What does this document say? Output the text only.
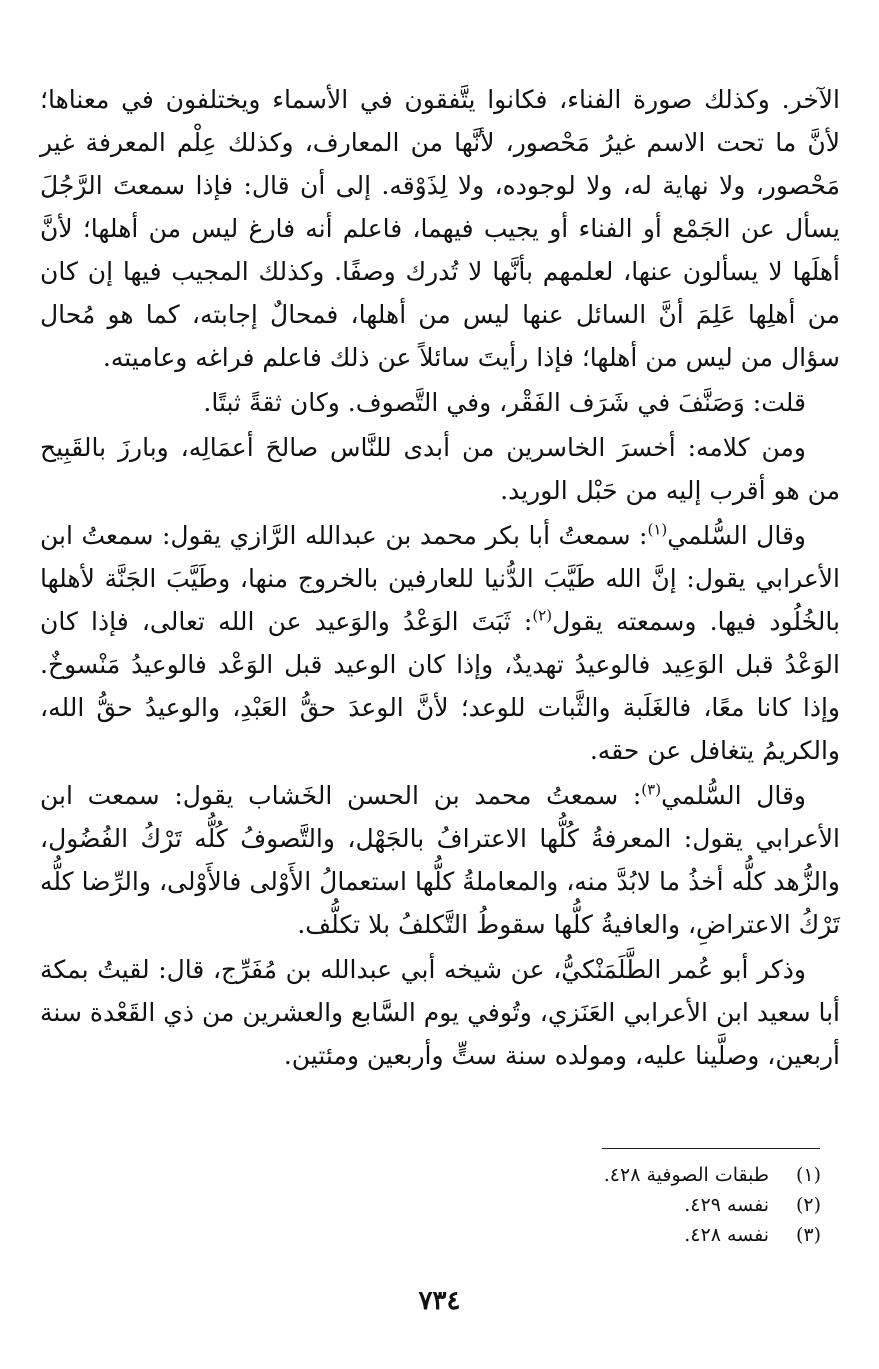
الآخر. وكذلك صورة الفناء، فكانوا يتَّفقون في الأسماء ويختلفون في معناها؛ لأنَّ ما تحت الاسم غيرُ مَحْصور، لأنَّها من المعارف، وكذلك عِلْم المعرفة غير مَحْصور، ولا نهاية له، ولا لوجوده، ولا لِذَوْقه. إلى أن قال: فإذا سمعتَ الرَّجُلَ يسأل عن الجَمْع أو الفناء أو يجيب فيهما، فاعلم أنه فارغ ليس من أهلها؛ لأنَّ أهلَها لا يسألون عنها، لعلمهم بأنَّها لا تُدرك وصفًا. وكذلك المجيب فيها إن كان من أهلِها عَلِمَ أنَّ السائل عنها ليس من أهلها، فمحالٌ إجابته، كما هو مُحال سؤال من ليس من أهلها؛ فإذا رأيتَ سائلاً عن ذلك فاعلم فراغه وعاميته.

قلت: وَصَنَّفَ في شَرَف الفَقْر، وفي التَّصوف. وكان ثقةً ثبتًا.

ومن كلامه: أخسرَ الخاسرين من أبدى للنَّاس صالحَ أعمَالِه، وبارزَ بالقَبِيح من هو أقرب إليه من حَبْل الوريد.

وقال السُّلمي$^{(١)}$: سمعتُ أبا بكر محمد بن عبدالله الرَّازي يقول: سمعتُ ابن الأعرابي يقول: إنَّ الله طَيَّبَ الدُّنيا للعارفين بالخروج منها، وطَيَّبَ الجَنَّة لأهلها بالخُلُود فيها. وسمعته يقول$^{(٢)}$: ثَبَتَ الوَعْدُ والوَعيد عن الله تعالى، فإذا كان الوَعْدُ قبل الوَعِيد فالوعيدُ تهديدٌ، وإذا كان الوعيد قبل الوَعْد فالوعيدُ مَنْسوخٌ. وإذا كانا معًا، فالغَلَبة والثَّبات للوعد؛ لأنَّ الوعدَ حقُّ العَبْدِ، والوعيدُ حقُّ الله، والكريمُ يتغافل عن حقه.

وقال السُّلمي$^{(٣)}$: سمعتُ محمد بن الحسن الخَشاب يقول: سمعت ابن الأعرابي يقول: المعرفةُ كُلُّها الاعترافُ بالجَهْل، والتَّصوفُ كُلُّه تَرْكُ الفُضُول، والزُّهد كلُّه أخذُ ما لابُدَّ منه، والمعاملةُ كلُّها استعمالُ الأَوْلى فالأَوْلى، والرِّضا كلُّه تَرْكُ الاعتراضِ، والعافيةُ كلُّها سقوطُ التَّكلفُ بلا تكلُّف.

وذكر أبو عُمر الطَّلَمَنْكيُّ، عن شيخه أبي عبدالله بن مُفَرِّج، قال: لقيتُ بمكة أبا سعيد ابن الأعرابي العَنَزي، وتُوفي يوم السَّابع والعشرين من ذي القَعْدة سنة أربعين، وصلَّينا عليه، ومولده سنة ستٍّ وأربعين ومئتين.

(١)طبقات الصوفية ٤٢٨.
(٢)نفسه ٤٢٩.
(٣)نفسه ٤٢٨.
٧٣٤
